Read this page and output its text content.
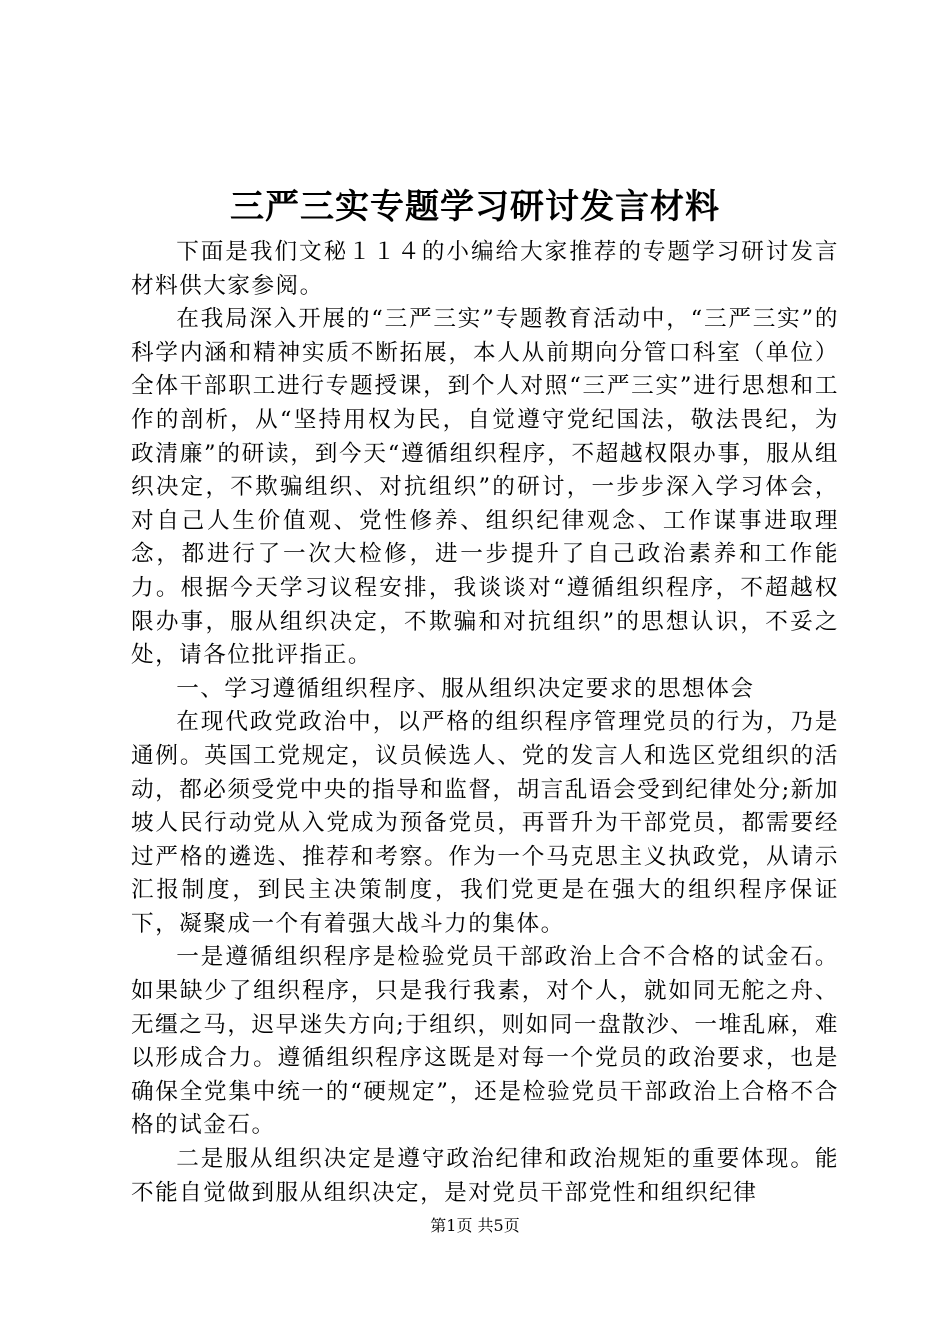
三严三实专题学习研讨发言材料

下面是我们文秘１１４的小编给大家推荐的专题学习研讨发言材料供大家参阅。

在我局深入开展的“三严三实”专题教育活动中，“三严三实”的科学内涵和精神实质不断拓展，本人从前期向分管口科室（单位）全体干部职工进行专题授课，到个人对照“三严三实”进行思想和工作的剖析，从“坚持用权为民，自觉遵守党纪国法，敬法畏纪，为政清廉”的研读，到今天“遵循组织程序，不超越权限办事，服从组织决定，不欺骗组织、对抗组织”的研讨，一步步深入学习体会，对自己人生价值观、党性修养、组织纪律观念、工作谋事进取理念，都进行了一次大检修，进一步提升了自己政治素养和工作能力。根据今天学习议程安排，我谈谈对“遵循组织程序，不超越权限办事，服从组织决定，不欺骗和对抗组织”的思想认识，不妥之处，请各位批评指正。

一、学习遵循组织程序、服从组织决定要求的思想体会

在现代政党政治中，以严格的组织程序管理党员的行为，乃是通例。英国工党规定，议员候选人、党的发言人和选区党组织的活动，都必须受党中央的指导和监督，胡言乱语会受到纪律处分;新加坡人民行动党从入党成为预备党员，再晋升为干部党员，都需要经过严格的遴选、推荐和考察。作为一个马克思主义执政党，从请示汇报制度，到民主决策制度，我们党更是在强大的组织程序保证下，凝聚成一个有着强大战斗力的集体。

一是遵循组织程序是检验党员干部政治上合不合格的试金石。如果缺少了组织程序，只是我行我素，对个人，就如同无舵之舟、无缰之马，迟早迷失方向;于组织，则如同一盘散沙、一堆乱麻，难以形成合力。遵循组织程序这既是对每一个党员的政治要求，也是确保全党集中统一的“硬规定”，还是检验党员干部政治上合格不合格的试金石。

二是服从组织决定是遵守政治纪律和政治规矩的重要体现。能不能自觉做到服从组织决定，是对党员干部党性和组织纪律

第1页 共5页
